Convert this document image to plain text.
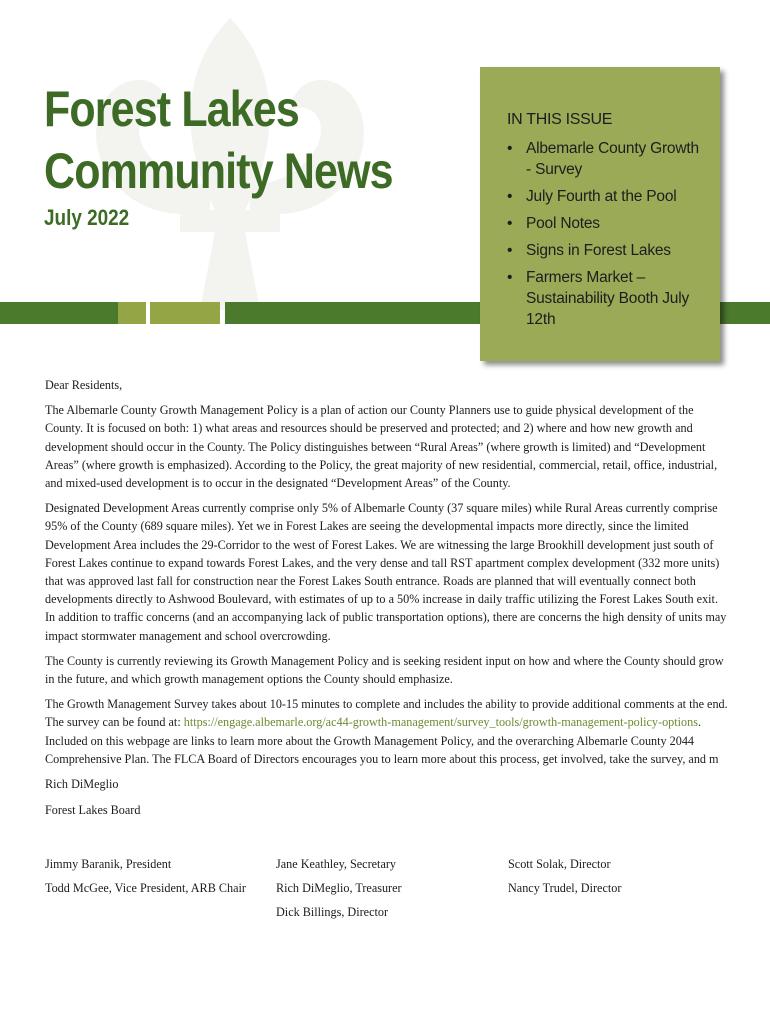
Forest Lakes
Community News
July 2022
IN THIS ISSUE
• Albemarle County Growth - Survey
• July Fourth at the Pool
• Pool Notes
• Signs in Forest Lakes
• Farmers Market – Sustainability Booth July 12th

Dear Residents,

The Albemarle County Growth Management Policy is a plan of action our County Planners use to guide physical development of the County. It is focused on both: 1) what areas and resources should be preserved and protected; and 2) where and how new growth and development should occur in the County. The Policy distinguishes between “Rural Areas” (where growth is limited) and “Development Areas” (where growth is emphasized). According to the Policy, the great majority of new residential, commercial, retail, office, industrial, and mixed-used development is to occur in the designated “Development Areas” of the County.

Designated Development Areas currently comprise only 5% of Albemarle County (37 square miles) while Rural Areas currently comprise 95% of the County (689 square miles). Yet we in Forest Lakes are seeing the developmental impacts more directly, since the limited Development Area includes the 29-Corridor to the west of Forest Lakes. We are witnessing the large Brookhill development just south of Forest Lakes continue to expand towards Forest Lakes, and the very dense and tall RST apartment complex development (332 more units) that was approved last fall for construction near the Forest Lakes South entrance. Roads are planned that will eventually connect both developments directly to Ashwood Boulevard, with estimates of up to a 50% increase in daily traffic utilizing the Forest Lakes South exit. In addition to traffic concerns (and an accompanying lack of public transportation options), there are concerns the high density of units may impact stormwater management and school overcrowding.

The County is currently reviewing its Growth Management Policy and is seeking resident input on how and where the County should grow in the future, and which growth management options the County should emphasize.

The Growth Management Survey takes about 10-15 minutes to complete and includes the ability to provide additional comments at the end. The survey can be found at: https://engage.albemarle.org/ac44-growth-management/survey_tools/growth-management-policy-options. Included on this webpage are links to learn more about the Growth Management Policy, and the overarching Albemarle County 2044 Comprehensive Plan. The FLCA Board of Directors encourages you to learn more about this process, get involved, take the survey, and m

Rich DiMeglio

Forest Lakes Board

Jimmy Baranik, President
Todd McGee, Vice President, ARB Chair
Jane Keathley, Secretary
Rich DiMeglio, Treasurer
Dick Billings, Director
Scott Solak, Director
Nancy Trudel, Director
